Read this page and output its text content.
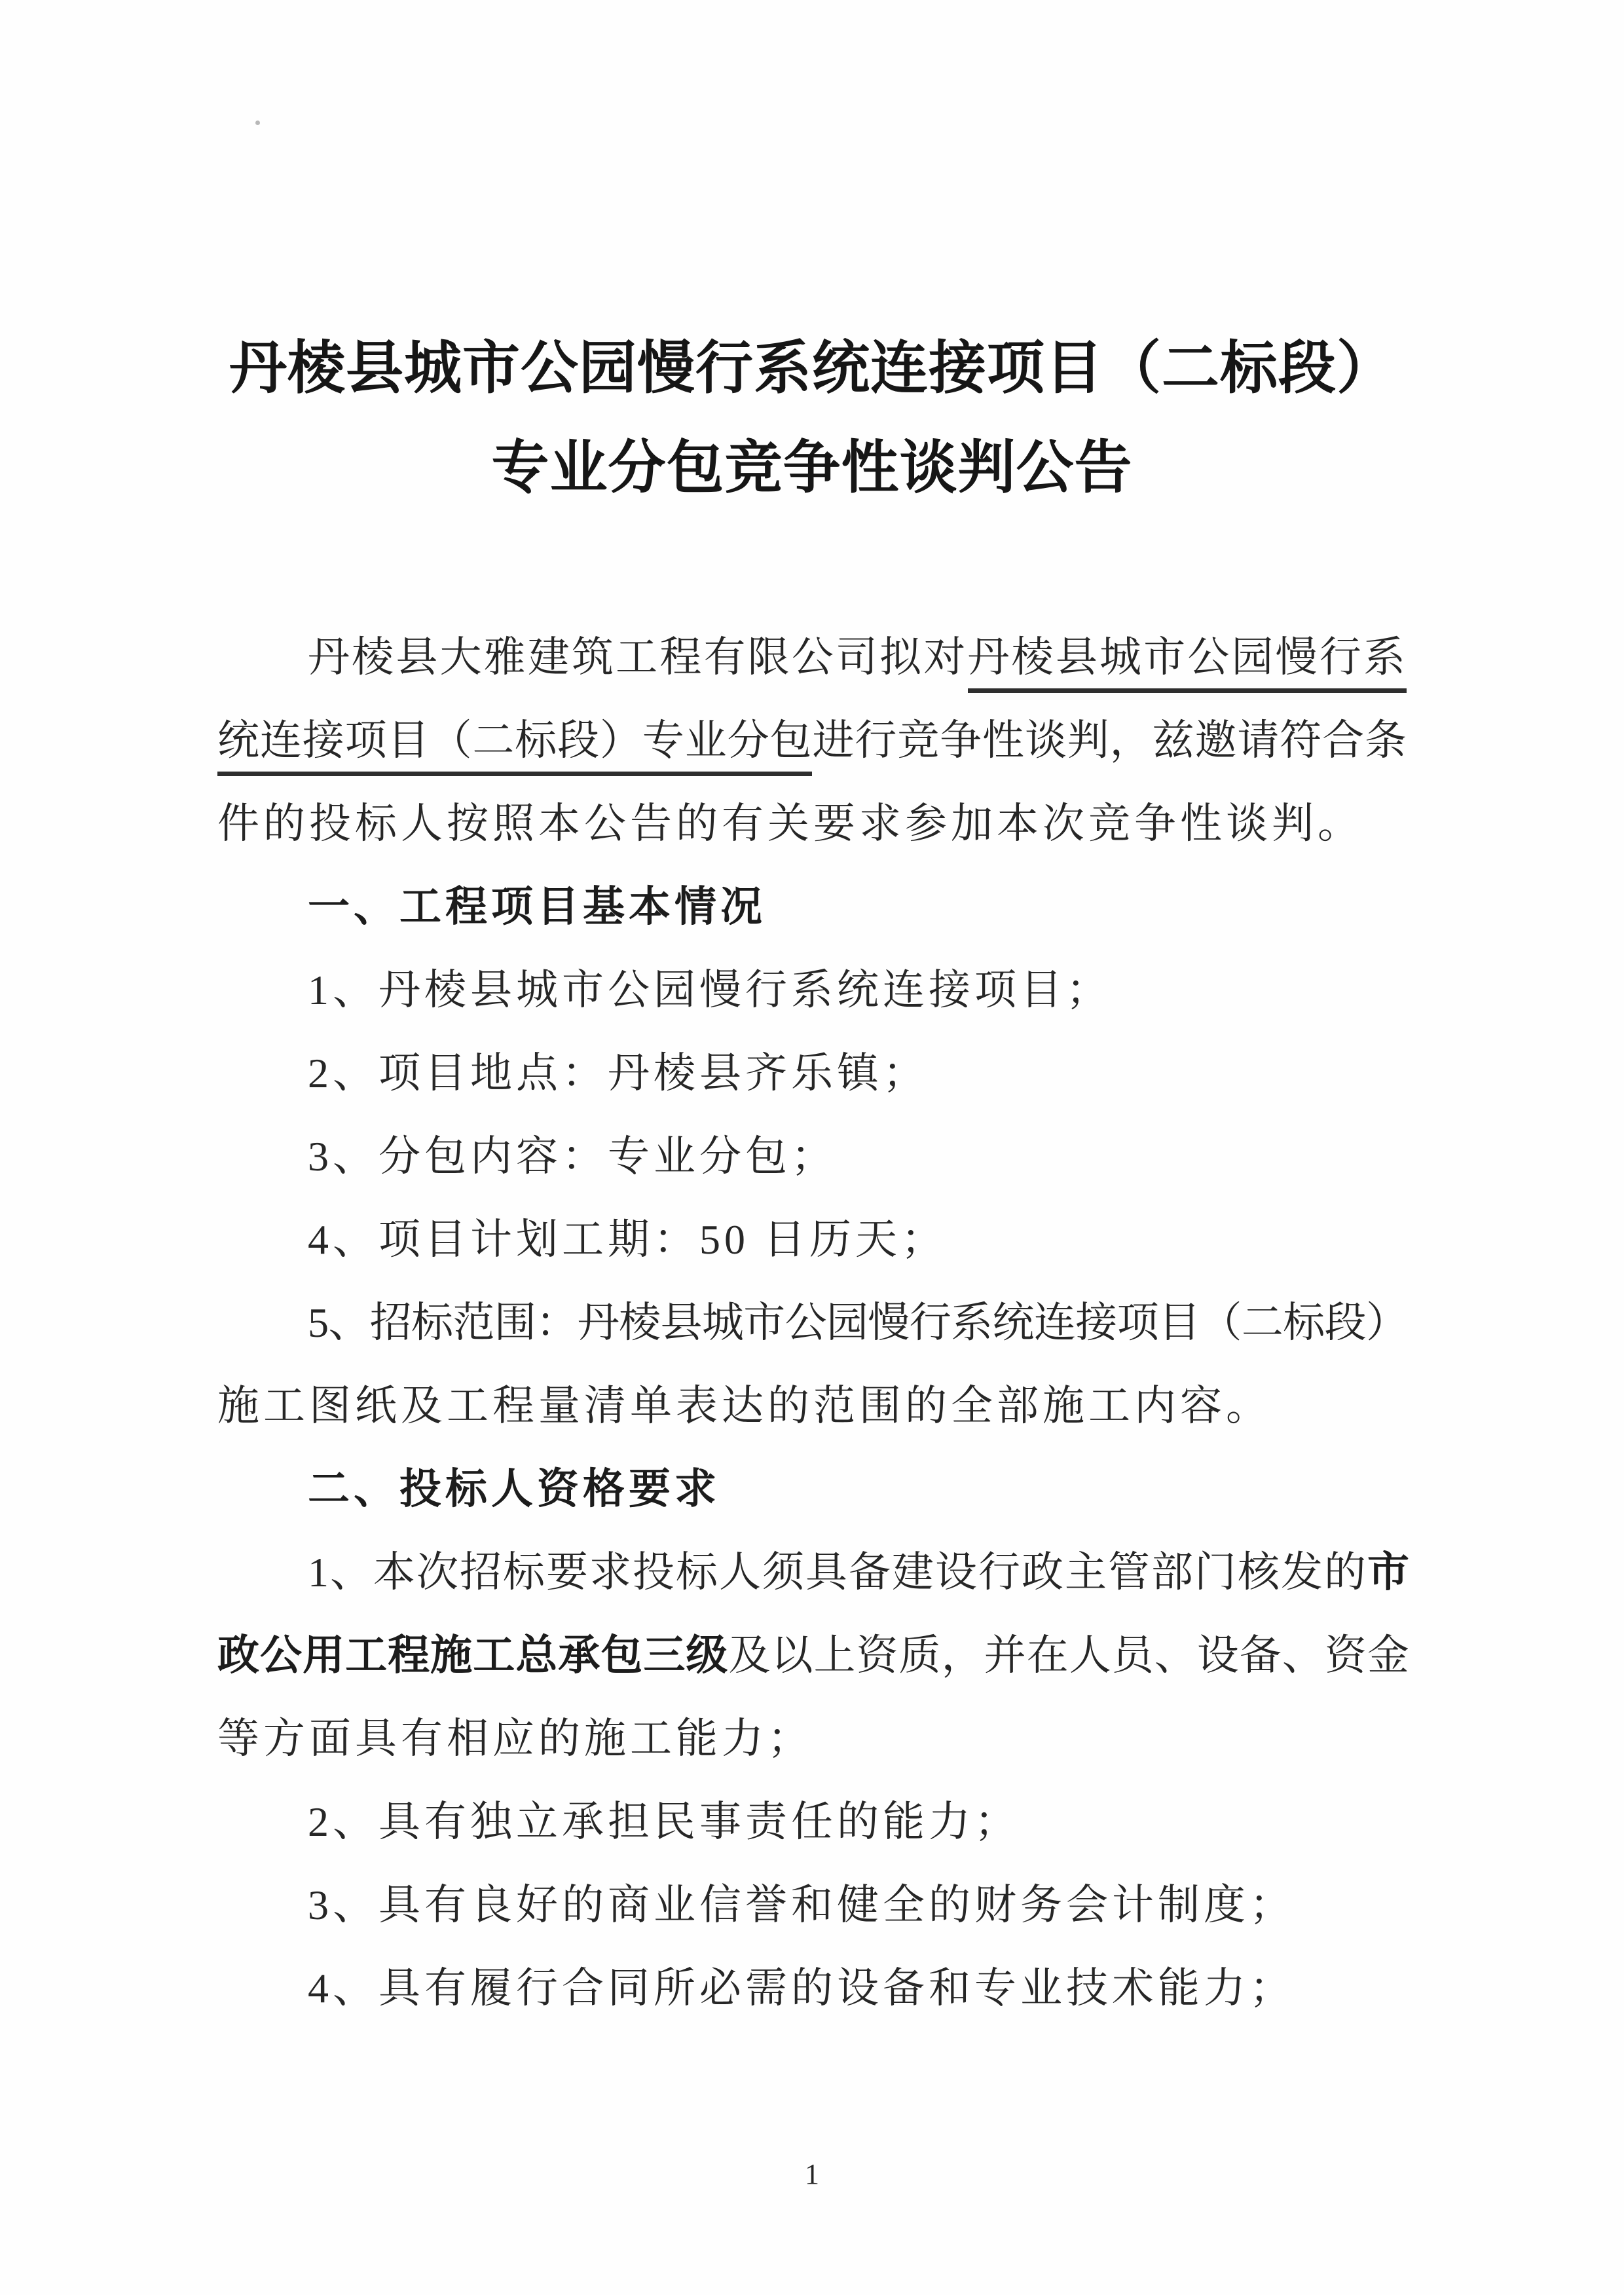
丹棱县城市公园慢行系统连接项目（二标段）
专业分包竞争性谈判公告
丹棱县大雅建筑工程有限公司拟对丹棱县城市公园慢行系
统连接项目（二标段）专业分包进行竞争性谈判，兹邀请符合条
件的投标人按照本公告的有关要求参加本次竞争性谈判。
一、工程项目基本情况
1、丹棱县城市公园慢行系统连接项目；
2、项目地点：丹棱县齐乐镇；
3、分包内容：专业分包；
4、项目计划工期：50 日历天；
5、招标范围：丹棱县城市公园慢行系统连接项目（二标段）
施工图纸及工程量清单表达的范围的全部施工内容。
二、投标人资格要求
1、本次招标要求投标人须具备建设行政主管部门核发的市
政公用工程施工总承包三级及以上资质，并在人员、设备、资金
等方面具有相应的施工能力；
2、具有独立承担民事责任的能力；
3、具有良好的商业信誉和健全的财务会计制度；
4、具有履行合同所必需的设备和专业技术能力；
1
